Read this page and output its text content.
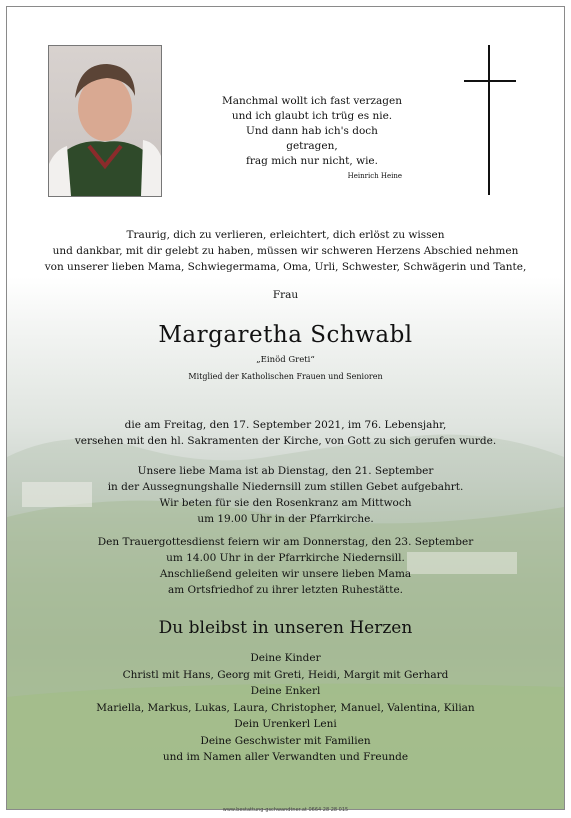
Manchmal wollt ich fast verzagen
und ich glaubt ich trüg es nie.
Und dann hab ich's doch getragen,
frag mich nur nicht, wie.
Heinrich Heine
Traurig, dich zu verlieren, erleichtert, dich erlöst zu wissen
und dankbar, mit dir gelebt zu haben, müssen wir schweren Herzens Abschied nehmen
von unserer lieben Mama, Schwiegermama, Oma, Urli, Schwester, Schwägerin und Tante,
Frau
Margaretha Schwabl
„Einöd Greti“
Mitglied der Katholischen Frauen und Senioren
die am Freitag, den 17. September 2021, im 76. Lebensjahr,
versehen mit den hl. Sakramenten der Kirche, von Gott zu sich gerufen wurde.
Unsere liebe Mama ist ab Dienstag, den 21. September
in der Aussegnungshalle Niedernsill zum stillen Gebet aufgebahrt.
Wir beten für sie den Rosenkranz am Mittwoch
um 19.00 Uhr in der Pfarrkirche.
Den Trauergottesdienst feiern wir am Donnerstag, den 23. September
um 14.00 Uhr in der Pfarrkirche Niedernsill.
Anschließend geleiten wir unsere lieben Mama
am Ortsfriedhof zu ihrer letzten Ruhestätte.
Du bleibst in unseren Herzen
Deine Kinder
Christl mit Hans, Georg mit Greti, Heidi, Margit mit Gerhard
Deine Enkerl
Mariella, Markus, Lukas, Laura, Christopher, Manuel, Valentina, Kilian
Dein Urenkerl Leni
Deine Geschwister mit Familien
und im Namen aller Verwandten und Freunde
www.bestattung-gschwandtner.at 0664 28 28 015
